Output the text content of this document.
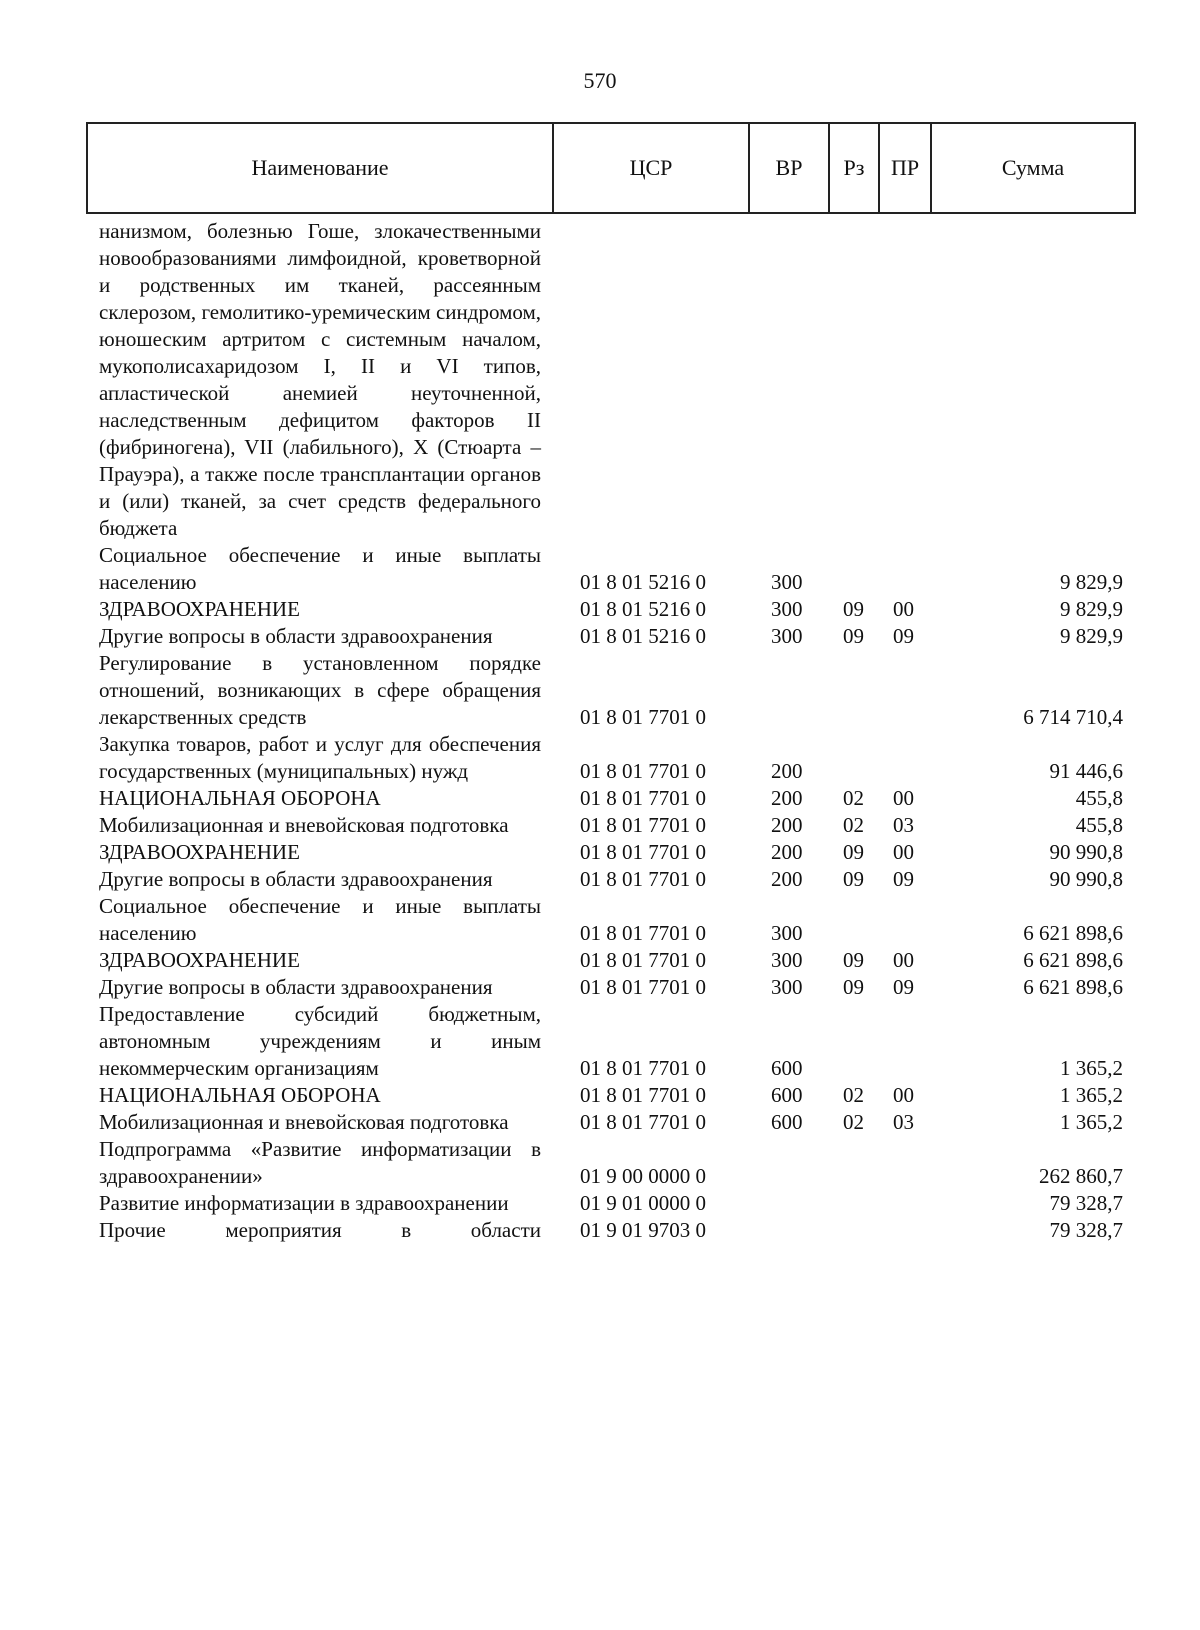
570
Наименование	ЦСР	ВР	Рз	ПР	Сумма
нанизмом, болезнью Гоше, злокачественными новообразованиями лимфоидной, кроветворной и родственных им тканей, рассеянным склерозом, гемолитико-уремическим синдромом, юношеским артритом с системным началом, мукополисахаридозом I, II и VI типов, апластической анемией неуточненной, наследственным дефицитом факторов II (фибриногена), VII (лабильного), X (Стюарта – Прауэра), а также после трансплантации органов и (или) тканей, за счет средств федерального бюджета					
Социальное обеспечение и иные выплаты населению	01 8 01 5216 0	300			9 829,9
ЗДРАВООХРАНЕНИЕ	01 8 01 5216 0	300	09	00	9 829,9
Другие вопросы в области здравоохранения	01 8 01 5216 0	300	09	09	9 829,9
Регулирование в установленном порядке отношений, возникающих в сфере обращения лекарственных средств	01 8 01 7701 0				6 714 710,4
Закупка товаров, работ и услуг для обеспечения государственных (муниципальных) нужд	01 8 01 7701 0	200			91 446,6
НАЦИОНАЛЬНАЯ ОБОРОНА	01 8 01 7701 0	200	02	00	455,8
Мобилизационная и вневойсковая подготовка	01 8 01 7701 0	200	02	03	455,8
ЗДРАВООХРАНЕНИЕ	01 8 01 7701 0	200	09	00	90 990,8
Другие вопросы в области здравоохранения	01 8 01 7701 0	200	09	09	90 990,8
Социальное обеспечение и иные выплаты населению	01 8 01 7701 0	300			6 621 898,6
ЗДРАВООХРАНЕНИЕ	01 8 01 7701 0	300	09	00	6 621 898,6
Другие вопросы в области здравоохранения	01 8 01 7701 0	300	09	09	6 621 898,6
Предоставление субсидий бюджетным, автономным учреждениям и иным некоммерческим организациям	01 8 01 7701 0	600			1 365,2
НАЦИОНАЛЬНАЯ ОБОРОНА	01 8 01 7701 0	600	02	00	1 365,2
Мобилизационная и вневойсковая подготовка	01 8 01 7701 0	600	02	03	1 365,2
Подпрограмма «Развитие информатизации в здравоохранении»	01 9 00 0000 0				262 860,7
Развитие информатизации в здравоохранении	01 9 01 0000 0				79 328,7
Прочие мероприятия в области	01 9 01 9703 0				79 328,7
